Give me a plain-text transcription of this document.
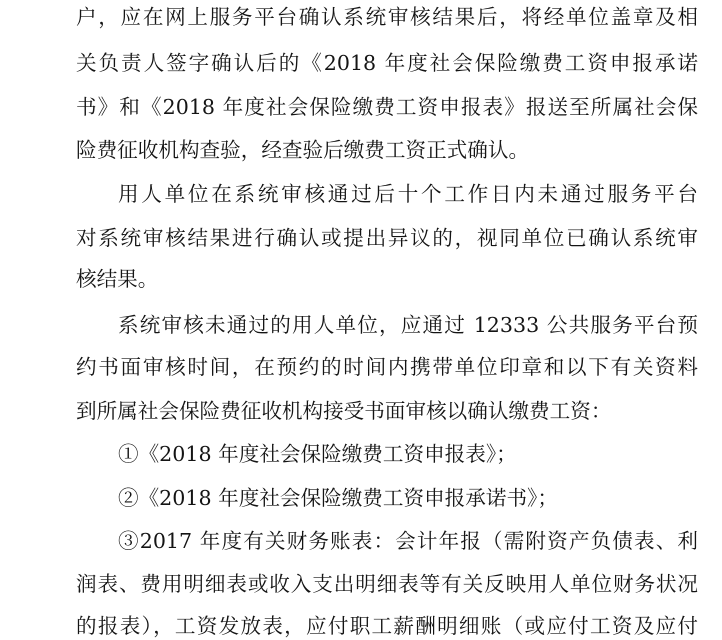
户，应在网上服务平台确认系统审核结果后，将经单位盖章及相
关负责人签字确认后的《2018 年度社会保险缴费工资申报承诺
书》和《2018 年度社会保险缴费工资申报表》报送至所属社会保
险费征收机构查验，经查验后缴费工资正式确认。
用人单位在系统审核通过后十个工作日内未通过服务平台
对系统审核结果进行确认或提出异议的，视同单位已确认系统审
核结果。
系统审核未通过的用人单位，应通过 12333 公共服务平台预
约书面审核时间，在预约的时间内携带单位印章和以下有关资料
到所属社会保险费征收机构接受书面审核以确认缴费工资：
①《2018 年度社会保险缴费工资申报表》；
②《2018 年度社会保险缴费工资申报承诺书》；
③2017 年度有关财务账表：会计年报（需附资产负债表、利
润表、费用明细表或收入支出明细表等有关反映用人单位财务状况
的报表），工资发放表，应付职工薪酬明细账（或应付工资及应付
